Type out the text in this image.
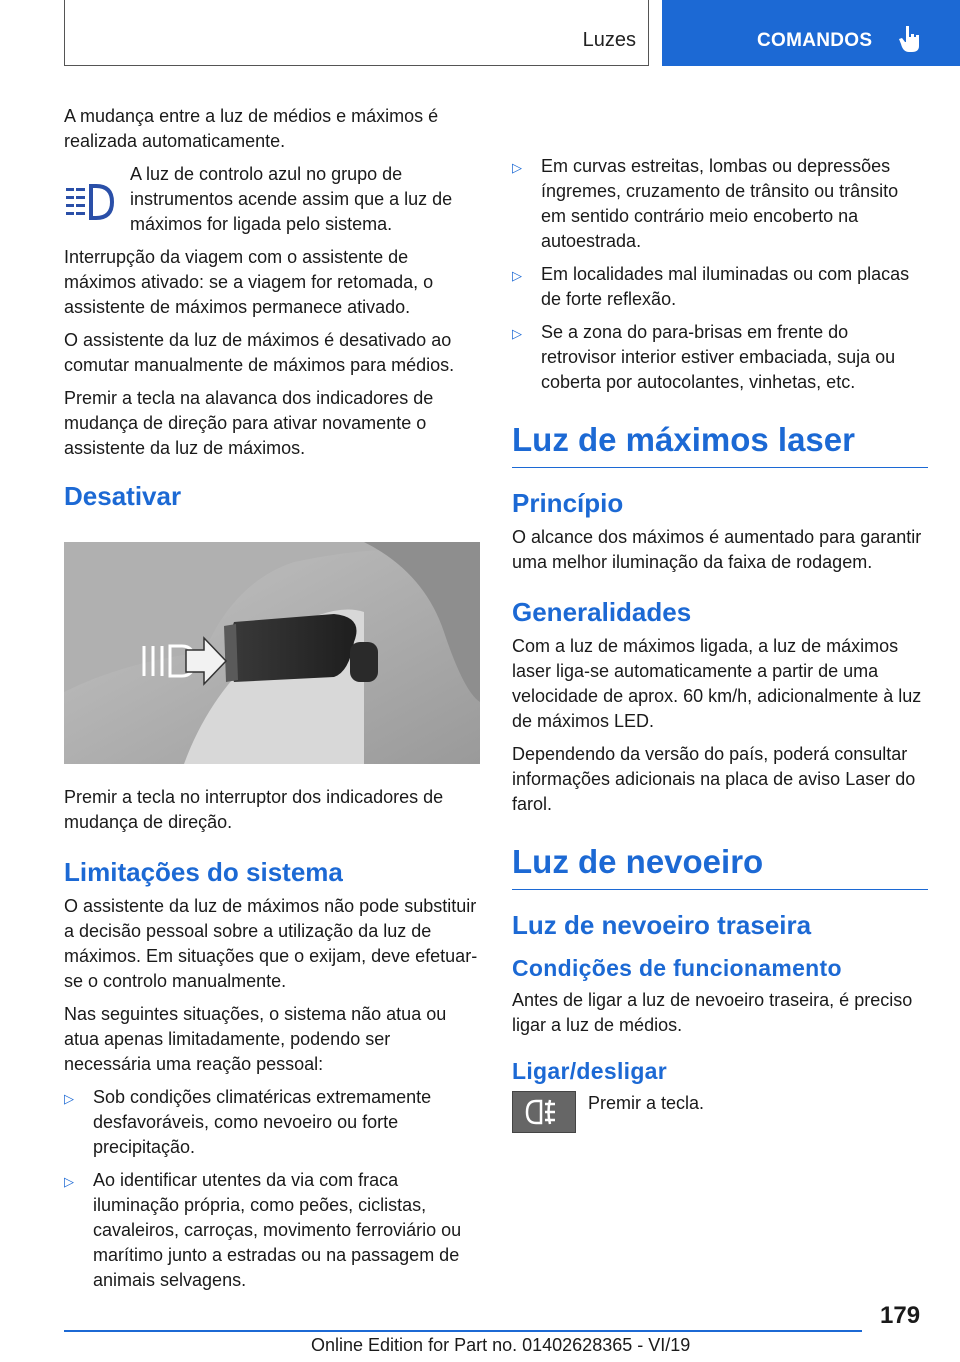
Luzes	COMANDOS

A mudança entre a luz de médios e máximos é realizada automaticamente.

A luz de controlo azul no grupo de instrumentos acende assim que a luz de máximos for ligada pelo sistema.

Interrupção da viagem com o assistente de máximos ativado: se a viagem for retomada, o assistente de máximos permanece ativado.

O assistente da luz de máximos é desativado ao comutar manualmente de máximos para médios.

Premir a tecla na alavanca dos indicadores de mudança de direção para ativar novamente o assistente da luz de máximos.

Desativar

Premir a tecla no interruptor dos indicadores de mudança de direção.

Limitações do sistema

O assistente da luz de máximos não pode substituir a decisão pessoal sobre a utilização da luz de máximos. Em situações que o exijam, deve efetuar-se o controlo manualmente.

Nas seguintes situações, o sistema não atua ou atua apenas limitadamente, podendo ser necessária uma reação pessoal:

▷ Sob condições climatéricas extremamente desfavoráveis, como nevoeiro ou forte precipitação.
▷ Ao identificar utentes da via com fraca iluminação própria, como peões, ciclistas, cavaleiros, carroças, movimento ferroviário ou marítimo junto a estradas ou na passagem de animais selvagens.
▷ Em curvas estreitas, lombas ou depressões íngremes, cruzamento de trânsito ou trânsito em sentido contrário meio encoberto na autoestrada.
▷ Em localidades mal iluminadas ou com placas de forte reflexão.
▷ Se a zona do para-brisas em frente do retrovisor interior estiver embaciada, suja ou coberta por autocolantes, vinhetas, etc.
Luz de máximos laser
Princípio

O alcance dos máximos é aumentado para garantir uma melhor iluminação da faixa de rodagem.

Generalidades

Com a luz de máximos ligada, a luz de máximos laser liga-se automaticamente a partir de uma velocidade de aprox. 60 km/h, adicionalmente à luz de máximos LED.

Dependendo da versão do país, poderá consultar informações adicionais na placa de aviso Laser do farol.

Luz de nevoeiro
Luz de nevoeiro traseira
Condições de funcionamento

Antes de ligar a luz de nevoeiro traseira, é preciso ligar a luz de médios.

Ligar/desligar

Premir a tecla.

179
Online Edition for Part no. 01402628365 - VI/19
